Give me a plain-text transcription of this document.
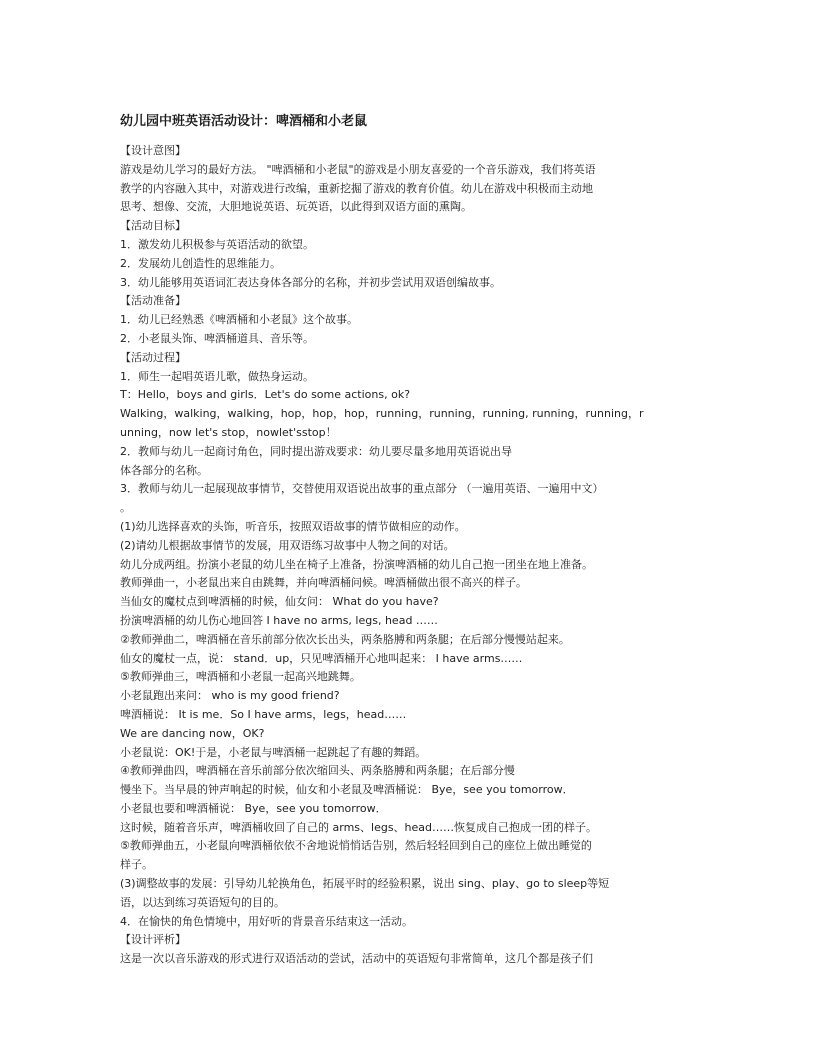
幼儿园中班英语活动设计：啤酒桶和小老鼠
【设计意图】
游戏是幼儿学习的最好方法。 "啤酒桶和小老鼠"的游戏是小朋友喜爱的一个音乐游戏，我们将英语
教学的内容融入其中，对游戏进行改编，重新挖掘了游戏的教育价值。幼儿在游戏中积极而主动地
思考、想像、交流，大胆地说英语、玩英语，以此得到双语方面的熏陶。
【活动目标】
1．激发幼儿积极参与英语活动的欲望。
2．发展幼儿创造性的思维能力。
3．幼儿能够用英语词汇表达身体各部分的名称，并初步尝试用双语创编故事。
【活动准备】
1．幼儿已经熟悉《啤酒桶和小老鼠》这个故事。
2．小老鼠头饰、啤酒桶道具、音乐等。
【活动过程】
1．师生一起唱英语儿歌，做热身运动。
T：Hello，boys and girls．Let's do some actions, ok?
Walking，walking，walking，hop，hop，hop，running，running，running, running，running，r
unning，now let's stop，nowlet'sstop！
2．教师与幼儿一起商讨角色，同时提出游戏要求：幼儿要尽量多地用英语说出导
体各部分的名称。
3．教师与幼儿一起展现故事情节，交替使用双语说出故事的重点部分 （一遍用英语、一遍用中文）
。
(1)幼儿选择喜欢的头饰，听音乐，按照双语故事的情节做相应的动作。
(2)请幼儿根据故事情节的发展，用双语练习故事中人物之间的对话。
幼儿分成两组。扮演小老鼠的幼儿坐在椅子上准备，扮演啤酒桶的幼儿自己抱一团坐在地上准备。
教师弹曲一，小老鼠出来自由跳舞，并向啤酒桶问候。啤酒桶做出很不高兴的样子。
当仙女的魔杖点到啤酒桶的时候，仙女问： What do you have?
扮演啤酒桶的幼儿伤心地回答 I have no arms, legs, head ……
②教师弹曲二，啤酒桶在音乐前部分依次长出头，两条胳膊和两条腿；在后部分慢慢站起来。
仙女的魔杖一点，说： stand．up，只见啤酒桶开心地叫起来： I have arms……
⑤教师弹曲三，啤酒桶和小老鼠一起高兴地跳舞。
小老鼠跑出来问： who is my good friend?
啤酒桶说： It is me．So I have arms，legs，head……
We are dancing now，OK?
小老鼠说：OK!于是，小老鼠与啤酒桶一起跳起了有趣的舞蹈。
④教师弹曲四，啤酒桶在音乐前部分依次缩回头、两条胳膊和两条腿；在后部分慢
慢坐下。当早晨的钟声响起的时候，仙女和小老鼠及啤酒桶说： Bye，see you tomorrow．
小老鼠也要和啤酒桶说： Bye，see you tomorrow．
这时候，随着音乐声，啤酒桶收回了自己的 arms、legs、head……恢复成自己抱成一团的样子。
⑤教师弹曲五，小老鼠向啤酒桶依依不舍地说悄悄话告别，然后轻轻回到自己的座位上做出睡觉的
样子。
(3)调整故事的发展：引导幼儿轮换角色，拓展平时的经验积累，说出 sing、play、go to sleep等短
语，以达到练习英语短句的目的。
4．在愉快的角色情境中，用好听的背景音乐结束这一活动。
【设计评析】
这是一次以音乐游戏的形式进行双语活动的尝试，活动中的英语短句非常简单，这几个都是孩子们
